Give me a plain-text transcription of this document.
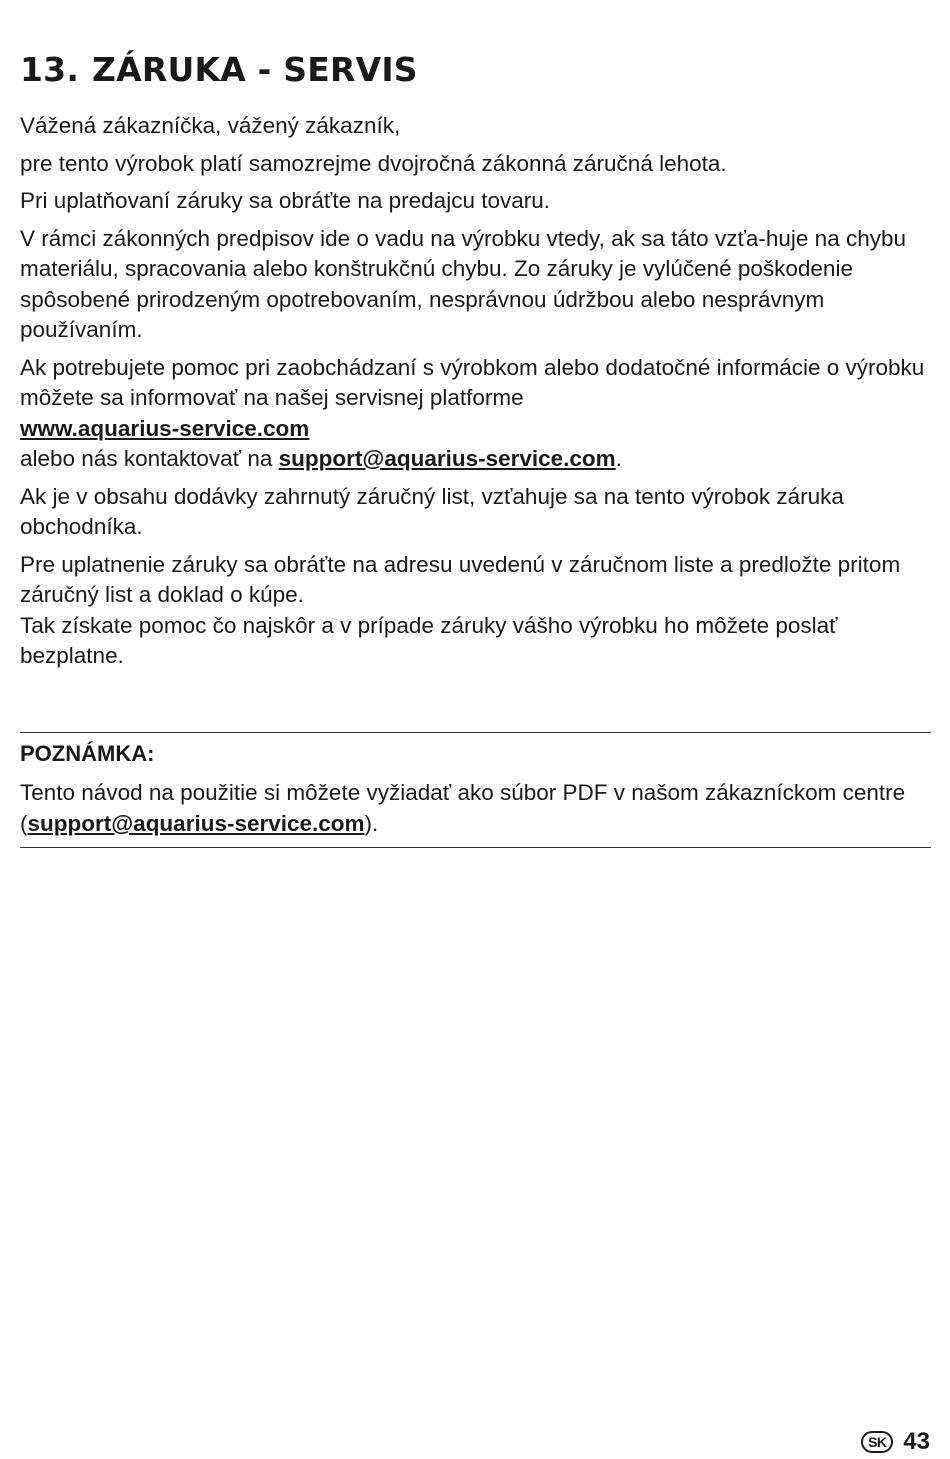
13. ZÁRUKA - SERVIS

Vážená zákazníčka, vážený zákazník,

pre tento výrobok platí samozrejme dvojročná zákonná záručná lehota.

Pri uplatňovaní záruky sa obráťte na predajcu tovaru.

V rámci zákonných predpisov ide o vadu na výrobku vtedy, ak sa táto vzťa-huje na chybu materiálu, spracovania alebo konštrukčnú chybu. Zo záruky je vylúčené poškodenie spôsobené prirodzeným opotrebovaním, nesprávnou údržbou alebo nesprávnym používaním.

Ak potrebujete pomoc pri zaobchádzaní s výrobkom alebo dodatočné informácie o výrobku môžete sa informovať na našej servisnej platforme
www.aquarius-service.com
alebo nás kontaktovať na support@aquarius-service.com.

Ak je v obsahu dodávky zahrnutý záručný list, vzťahuje sa na tento výrobok záruka obchodníka.

Pre uplatnenie záruky sa obráťte na adresu uvedenú v záručnom liste a predložte pritom záručný list a doklad o kúpe.
Tak získate pomoc čo najskôr a v prípade záruky vášho výrobku ho môžete poslať bezplatne.

POZNÁMKA:

Tento návod na použitie si môžete vyžiadať ako súbor PDF v našom zákazníckom centre (support@aquarius-service.com).

SK 43
